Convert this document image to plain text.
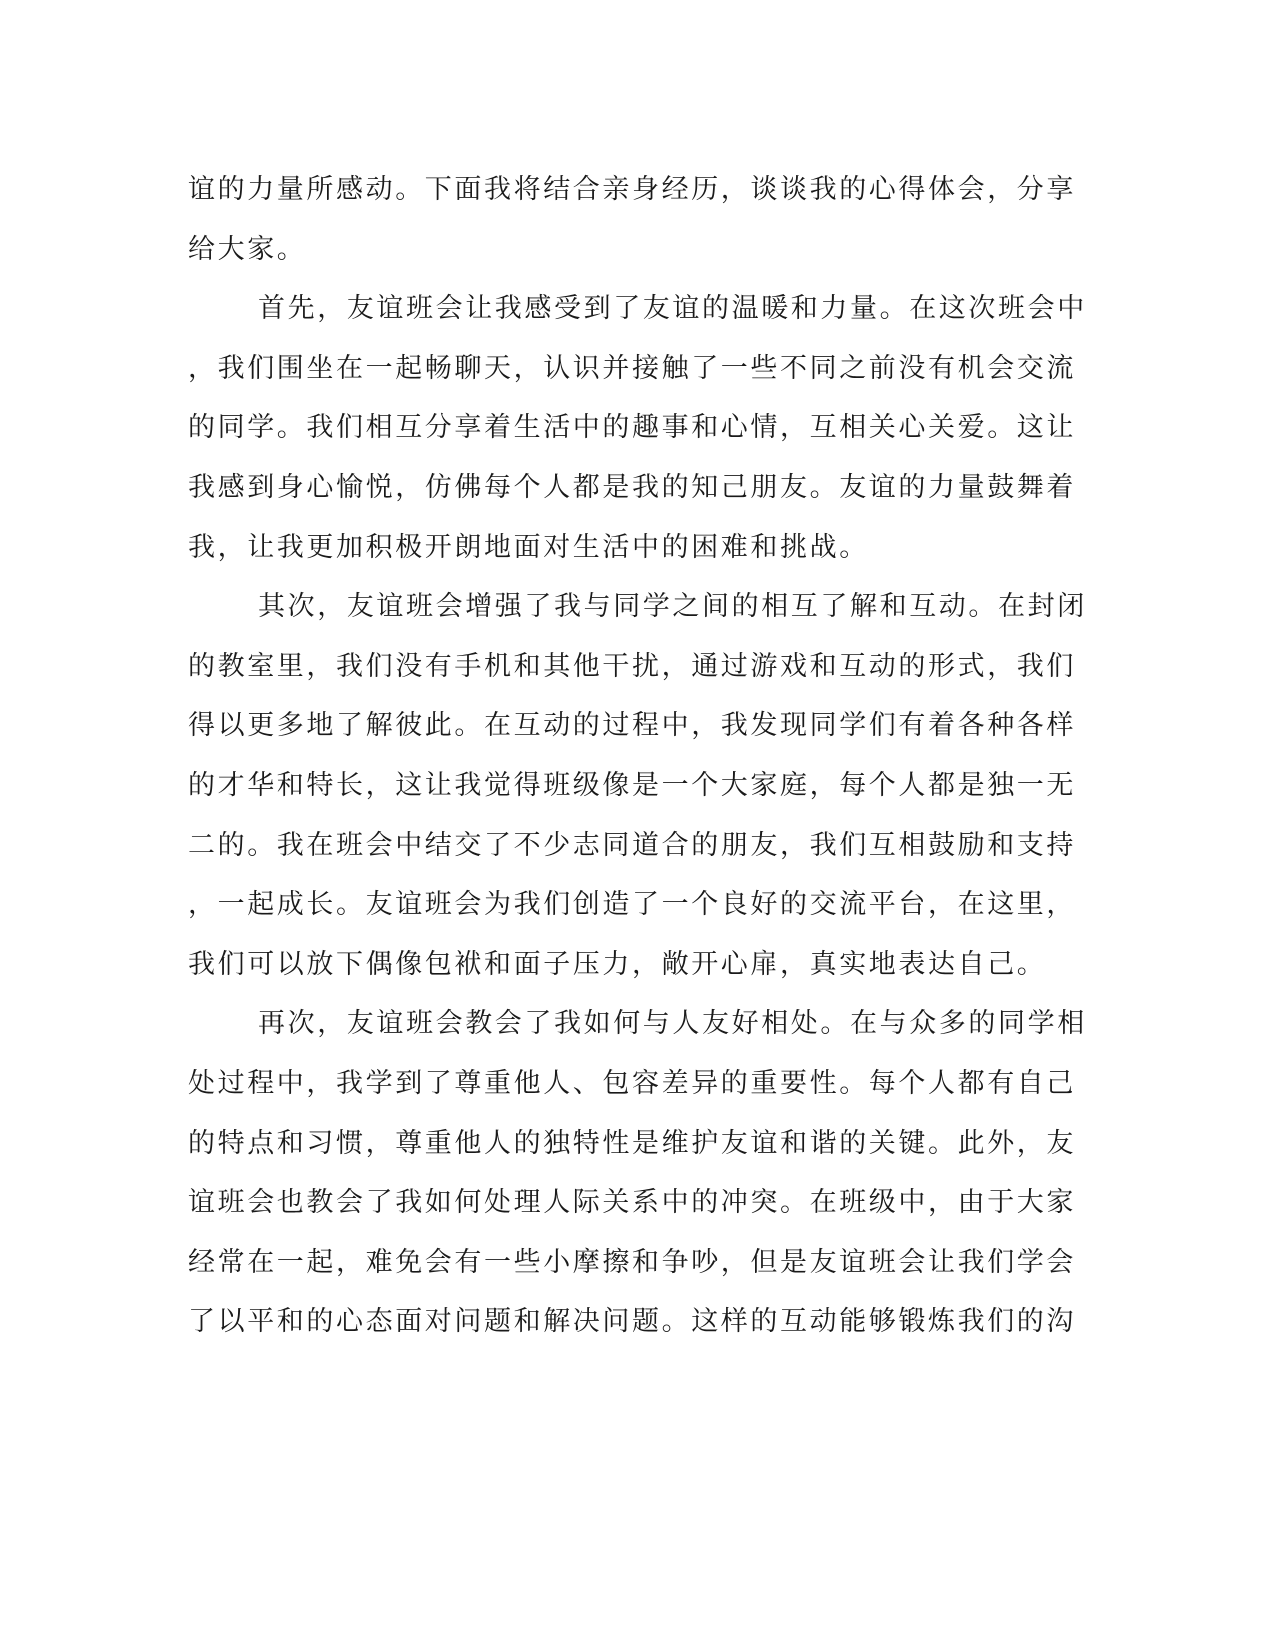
谊的力量所感动。下面我将结合亲身经历，谈谈我的心得体会，分享
给大家。
首先，友谊班会让我感受到了友谊的温暖和力量。在这次班会中
，我们围坐在一起畅聊天，认识并接触了一些不同之前没有机会交流
的同学。我们相互分享着生活中的趣事和心情，互相关心关爱。这让
我感到身心愉悦，仿佛每个人都是我的知己朋友。友谊的力量鼓舞着
我，让我更加积极开朗地面对生活中的困难和挑战。
其次，友谊班会增强了我与同学之间的相互了解和互动。在封闭
的教室里，我们没有手机和其他干扰，通过游戏和互动的形式，我们
得以更多地了解彼此。在互动的过程中，我发现同学们有着各种各样
的才华和特长，这让我觉得班级像是一个大家庭，每个人都是独一无
二的。我在班会中结交了不少志同道合的朋友，我们互相鼓励和支持
，一起成长。友谊班会为我们创造了一个良好的交流平台，在这里，
我们可以放下偶像包袱和面子压力，敞开心扉，真实地表达自己。
再次，友谊班会教会了我如何与人友好相处。在与众多的同学相
处过程中，我学到了尊重他人、包容差异的重要性。每个人都有自己
的特点和习惯，尊重他人的独特性是维护友谊和谐的关键。此外，友
谊班会也教会了我如何处理人际关系中的冲突。在班级中，由于大家
经常在一起，难免会有一些小摩擦和争吵，但是友谊班会让我们学会
了以平和的心态面对问题和解决问题。这样的互动能够锻炼我们的沟
